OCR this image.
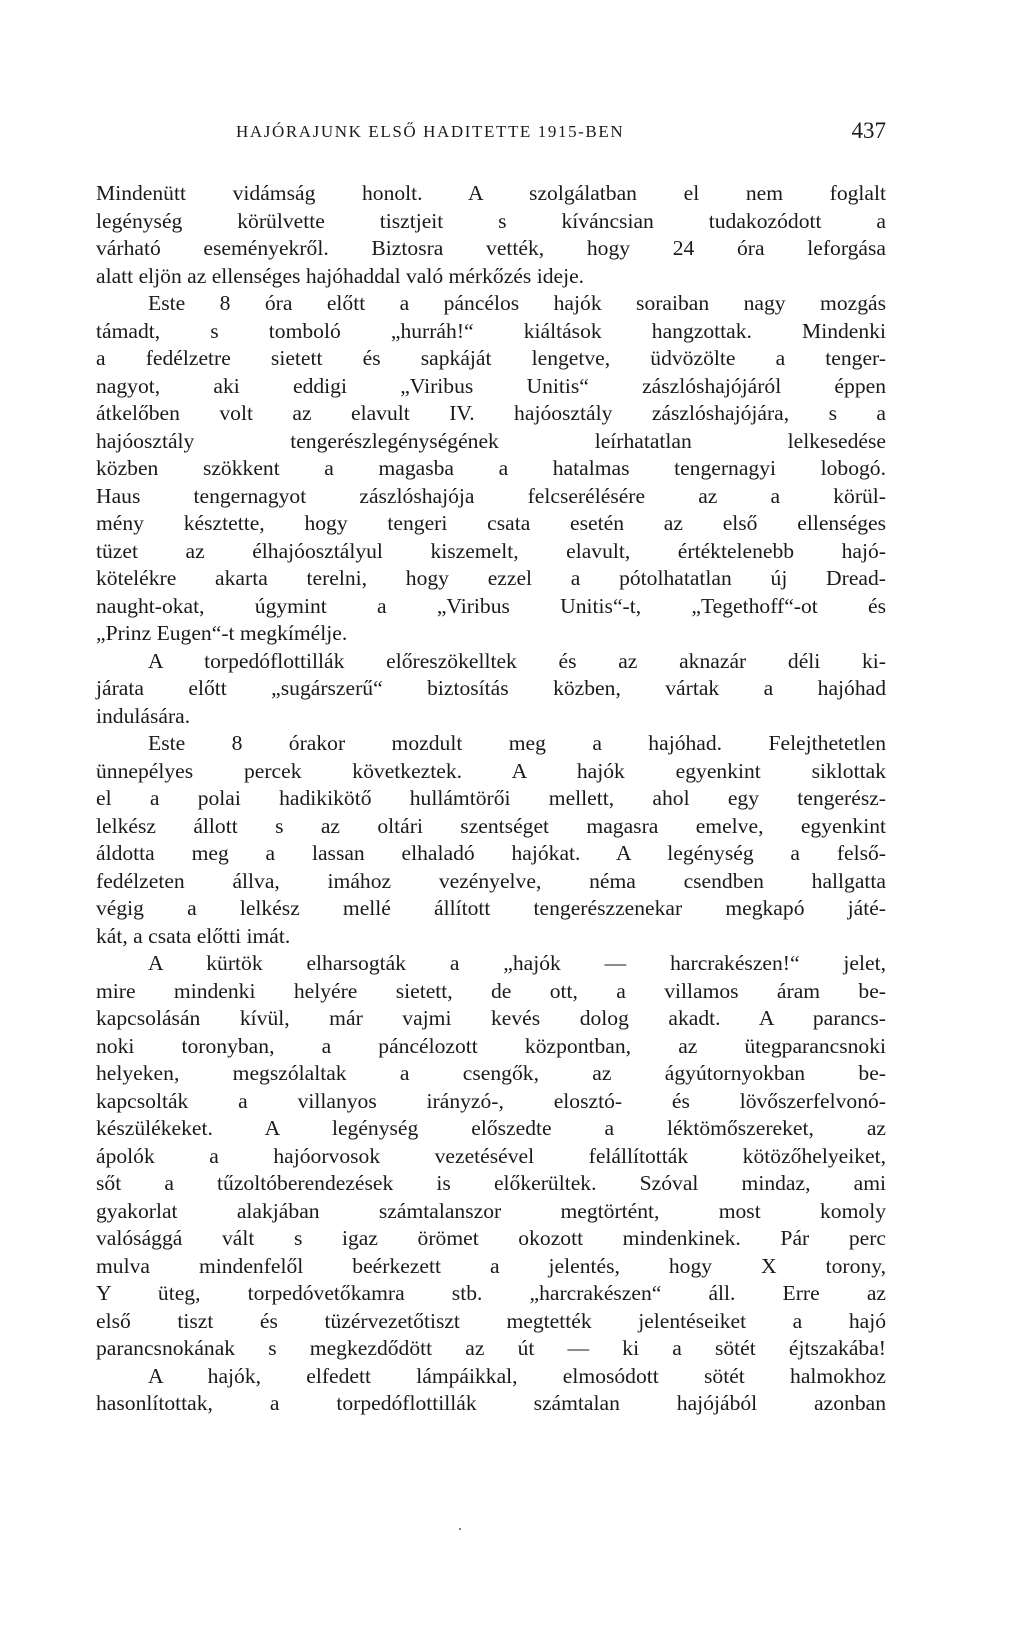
HAJÓRAJUNK ELSŐ HADITETTE 1915-BEN	437
Mindenütt vidámság honolt. A szolgálatban el nem foglalt
legénység körülvette tisztjeit s kíváncsian tudakozódott a
várható eseményekről. Biztosra vették, hogy 24 óra leforgása
alatt eljön az ellenséges hajóhaddal való mérkőzés ideje.
Este 8 óra előtt a páncélos hajók soraiban nagy mozgás
támadt, s tomboló „hurráh!“ kiáltások hangzottak. Mindenki
a fedélzetre sietett és sapkáját lengetve, üdvözölte a tenger-
nagyot, aki eddigi „Viribus Unitis“ zászlóshajójáról éppen
átkelőben volt az elavult IV. hajóosztály zászlóshajójára, s a
hajóosztály tengerészlegénységének leírhatatlan lelkesedése
közben szökkent a magasba a hatalmas tengernagyi lobogó.
Haus tengernagyot zászlóshajója felcserélésére az a körül-
mény késztette, hogy tengeri csata esetén az első ellenséges
tüzet az élhajóosztályul kiszemelt, elavult, értéktelenebb hajó-
kötelékre akarta terelni, hogy ezzel a pótolhatatlan új Dread-
naught-okat, úgymint a „Viribus Unitis“-t, „Tegethoff“-ot és
„Prinz Eugen“-t megkímélje.
A torpedóflottillák előreszökelltek és az aknazár déli ki-
járata előtt „sugárszerű“ biztosítás közben, vártak a hajóhad
indulására.
Este 8 órakor mozdult meg a hajóhad. Felejthetetlen
ünnepélyes percek következtek. A hajók egyenkint siklottak
el a polai hadikikötő hullámtörői mellett, ahol egy tengerész-
lelkész állott s az oltári szentséget magasra emelve, egyenkint
áldotta meg a lassan elhaladó hajókat. A legénység a felső-
fedélzeten állva, imához vezényelve, néma csendben hallgatta
végig a lelkész mellé állított tengerészzenekar megkapó játé-
kát, a csata előtti imát.
A kürtök elharsogták a „hajók — harcrakészen!“ jelet,
mire mindenki helyére sietett, de ott, a villamos áram be-
kapcsolásán kívül, már vajmi kevés dolog akadt. A parancs-
noki toronyban, a páncélozott központban, az ütegparancsnoki
helyeken, megszólaltak a csengők, az ágyútornyokban be-
kapcsolták a villanyos irányzó-, elosztó- és lövőszerfelvonó-
készülékeket. A legénység előszedte a léktömőszereket, az
ápolók a hajóorvosok vezetésével felállították kötözőhelyeiket,
sőt a tűzoltóberendezések is előkerültek. Szóval mindaz, ami
gyakorlat alakjában számtalanszor megtörtént, most komoly
valósággá vált s igaz örömet okozott mindenkinek. Pár perc
mulva mindenfelől beérkezett a jelentés, hogy X torony,
Y üteg, torpedóvetőkamra stb. „harcrakészen“ áll. Erre az
első tiszt és tüzérvezetőtiszt megtették jelentéseiket a hajó
parancsnokának s megkezdődött az út — ki a sötét éjtszakába!
A hajók, elfedett lámpáikkal, elmosódott sötét halmokhoz
hasonlítottak, a torpedóflottillák számtalan hajójából azonban
